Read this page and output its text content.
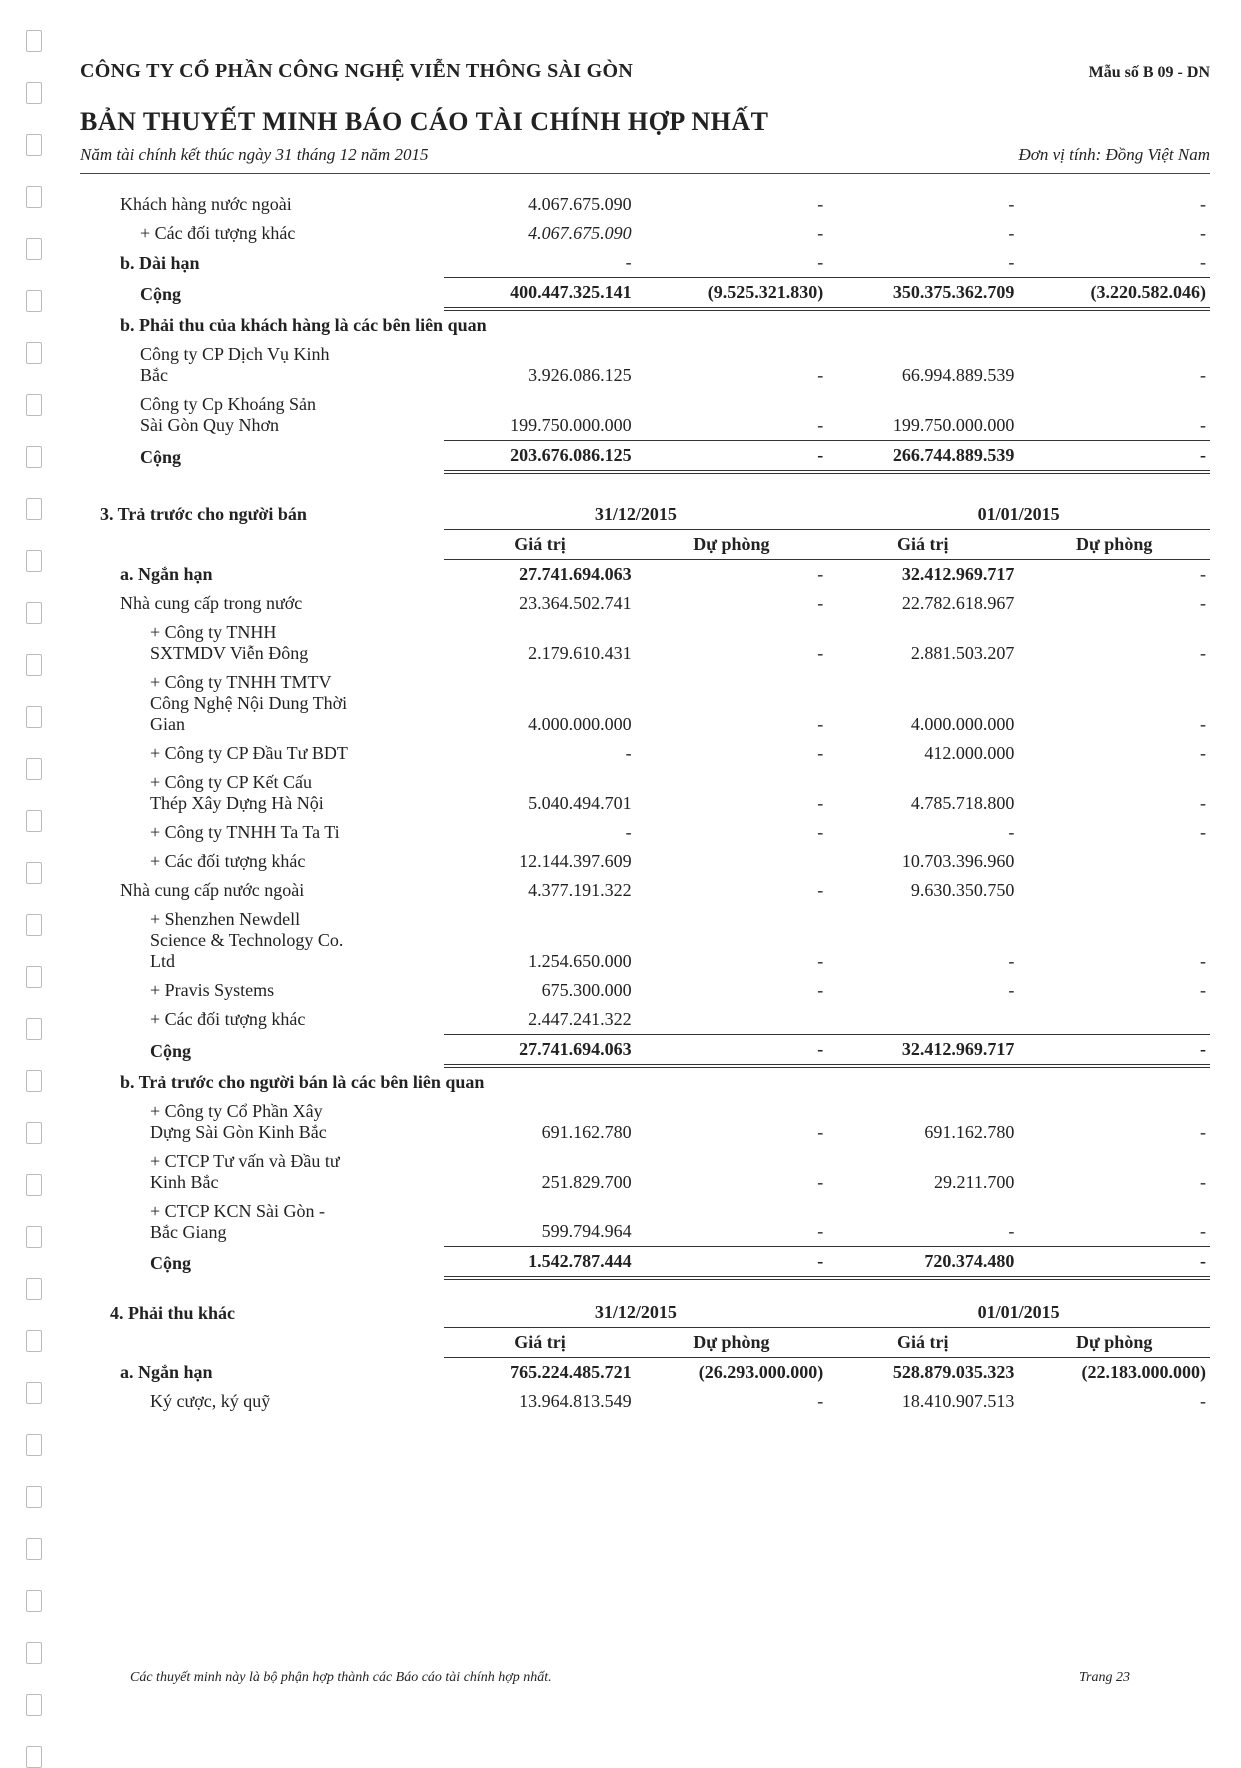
CÔNG TY CỔ PHẦN CÔNG NGHỆ VIỄN THÔNG SÀI GÒN	Mẫu số B 09 - DN
BẢN THUYẾT MINH BÁO CÁO TÀI CHÍNH HỢP NHẤT
Năm tài chính kết thúc ngày 31 tháng 12 năm 2015	Đơn vị tính: Đồng Việt Nam

Khách hàng nước ngoài	4.067.675.090	-	-	-
+ Các đối tượng khác	4.067.675.090	-	-	-
b. Dài hạn	-	-	-	-
Cộng	400.447.325.141	(9.525.321.830)	350.375.362.709	(3.220.582.046)
b. Phải thu của khách hàng là các bên liên quan				
Công ty CP Dịch Vụ Kinh
Bắc	3.926.086.125	-	66.994.889.539	-
Công ty Cp Khoáng Sản
Sài Gòn Quy Nhơn	199.750.000.000	-	199.750.000.000	-
Cộng	203.676.086.125	-	266.744.889.539	-

3. Trả trước cho người bán	31/12/2015		01/01/2015	
	Giá trị	Dự phòng	Giá trị	Dự phòng
a. Ngắn hạn	27.741.694.063	-	32.412.969.717	-
Nhà cung cấp trong nước	23.364.502.741	-	22.782.618.967	-
+ Công ty TNHH
SXTMDV Viễn Đông	2.179.610.431	-	2.881.503.207	-
+ Công ty TNHH TMTV
Công Nghệ Nội Dung Thời
Gian	4.000.000.000	-	4.000.000.000	-
+ Công ty CP Đầu Tư BDT	-	-	412.000.000	-
+ Công ty CP Kết Cấu
Thép Xây Dựng Hà Nội	5.040.494.701	-	4.785.718.800	-
+ Công ty TNHH Ta Ta Ti	-	-	-	-
+ Các đối tượng khác	12.144.397.609		10.703.396.960	
Nhà cung cấp nước ngoài	4.377.191.322	-	9.630.350.750	
+ Shenzhen Newdell
Science & Technology Co.
Ltd	1.254.650.000	-	-	-
+ Pravis Systems	675.300.000	-	-	-
+ Các đối tượng khác	2.447.241.322			
Cộng	27.741.694.063	-	32.412.969.717	-
b. Trả trước cho người bán là các bên liên quan				
+ Công ty Cổ Phần Xây
Dựng Sài Gòn Kinh Bắc	691.162.780	-	691.162.780	-
+ CTCP Tư vấn và Đầu tư
Kinh Bắc	251.829.700	-	29.211.700	-
+ CTCP KCN Sài Gòn -
Bắc Giang	599.794.964	-	-	-
Cộng	1.542.787.444	-	720.374.480	-

4. Phải thu khác	31/12/2015		01/01/2015	
	Giá trị	Dự phòng	Giá trị	Dự phòng
a. Ngắn hạn	765.224.485.721	(26.293.000.000)	528.879.035.323	(22.183.000.000)
Ký cược, ký quỹ	13.964.813.549	-	18.410.907.513	-
Các thuyết minh này là bộ phận hợp thành các Báo cáo tài chính hợp nhất.	Trang 23
